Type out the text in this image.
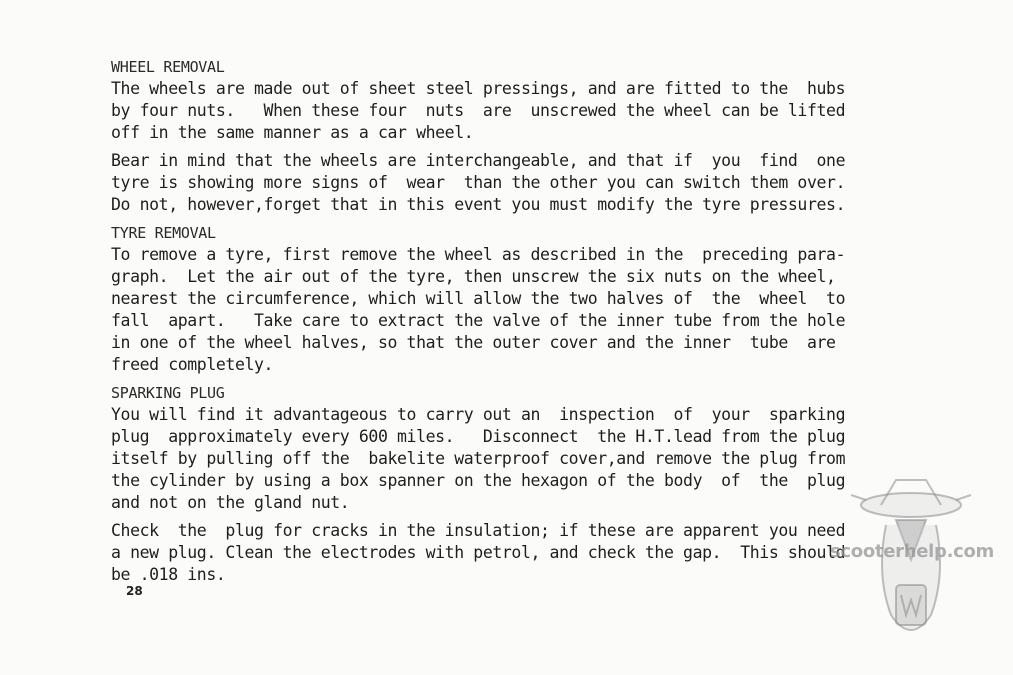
WHEEL REMOVAL

The wheels are made out of sheet steel pressings, and are fitted to the  hubs
by four nuts.   When these four  nuts  are  unscrewed the wheel can be lifted
off in the same manner as a car wheel.

Bear in mind that the wheels are interchangeable, and that if  you  find  one
tyre is showing more signs of  wear  than the other you can switch them over.
Do not, however,forget that in this event you must modify the tyre pressures.

TYRE REMOVAL

To remove a tyre, first remove the wheel as described in the  preceding para-
graph.  Let the air out of the tyre, then unscrew the six nuts on the wheel,
nearest the circumference, which will allow the two halves of  the  wheel  to
fall  apart.   Take care to extract the valve of the inner tube from the hole
in one of the wheel halves, so that the outer cover and the inner  tube  are
freed completely.

SPARKING PLUG

You will find it advantageous to carry out an  inspection  of  your  sparking
plug  approximately every 600 miles.   Disconnect  the H.T.lead from the plug
itself by pulling off the  bakelite waterproof cover,and remove the plug from
the cylinder by using a box spanner on the hexagon of the body  of  the  plug
and not on the gland nut.

Check  the  plug for cracks in the insulation; if these are apparent you need
a new plug. Clean the electrodes with petrol, and check the gap.  This should
be .018 ins.

28
scooterhelp.com
